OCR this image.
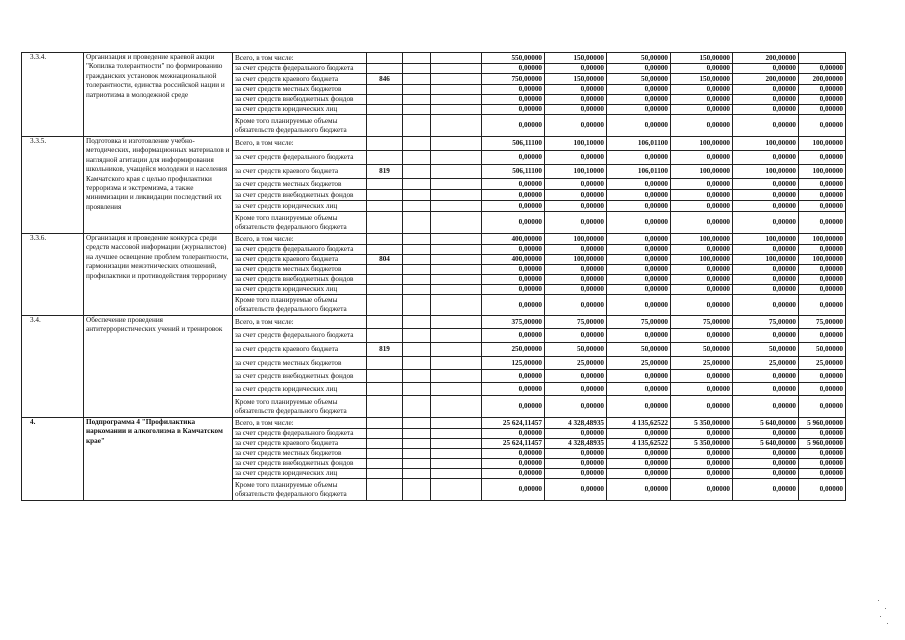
3.3.4.	Организация и проведение краевой акции "Копилка толерантности" по формированию гражданских установок межнациональной толерантности, единства российской нации и патриотизма в молодежной среде	Всего, в том числе:				550,00000	150,00000	50,00000	150,00000	200,00000	
		за счет средств федерального бюджета				0,00000	0,00000	0,00000	0,00000	0,00000	0,00000
		за счет средств краевого бюджета	846			750,00000	150,00000	50,00000	150,00000	200,00000	200,00000
		за счет средств местных бюджетов				0,00000	0,00000	0,00000	0,00000	0,00000	0,00000
		за счет средств внебюджетных фондов				0,00000	0,00000	0,00000	0,00000	0,00000	0,00000
		за счет средств юридических лиц				0,00000	0,00000	0,00000	0,00000	0,00000	0,00000
		Кроме того планируемые объемы обязательств федерального бюджета				0,00000	0,00000	0,00000	0,00000	0,00000	0,00000
3.3.5.	Подготовка и изготовление учебно-методических, информационных материалов и наглядной агитации для информирования школьников, учащейся молодежи и населения Камчатского края с целью профилактики терроризма и экстремизма, а также минимизации и ликвидации последствий их проявления	Всего, в том числе:				506,11100	100,10000	106,01100	100,00000	100,00000	100,00000
		за счет средств федерального бюджета				0,00000	0,00000	0,00000	0,00000	0,00000	0,00000
		за счет средств краевого бюджета	819			506,11100	100,10000	106,01100	100,00000	100,00000	100,00000
		за счет средств местных бюджетов				0,00000	0,00000	0,00000	0,00000	0,00000	0,00000
		за счет средств внебюджетных фондов				0,00000	0,00000	0,00000	0,00000	0,00000	0,00000
		за счет средств юридических лиц				0,00000	0,00000	0,00000	0,00000	0,00000	0,00000
		Кроме того планируемые объемы обязательств федерального бюджета				0,00000	0,00000	0,00000	0,00000	0,00000	0,00000
3.3.6.	Организация и проведение конкурса среди средств массовой информации (журналистов) на лучшее освещение проблем толерантности, гармонизации межэтнических отношений, профилактики и противодействия терроризму	Всего, в том числе:				400,00000	100,00000	0,00000	100,00000	100,00000	100,00000
		за счет средств федерального бюджета				0,00000	0,00000	0,00000	0,00000	0,00000	0,00000
		за счет средств краевого бюджета	804			400,00000	100,00000	0,00000	100,00000	100,00000	100,00000
		за счет средств местных бюджетов				0,00000	0,00000	0,00000	0,00000	0,00000	0,00000
		за счет средств внебюджетных фондов				0,00000	0,00000	0,00000	0,00000	0,00000	0,00000
		за счет средств юридических лиц				0,00000	0,00000	0,00000	0,00000	0,00000	0,00000
		Кроме того планируемые объемы обязательств федерального бюджета				0,00000	0,00000	0,00000	0,00000	0,00000	0,00000
3.4.	Обеспечение проведения антитеррористических учений и тренировок	Всего, в том числе:				375,00000	75,00000	75,00000	75,00000	75,00000	75,00000
		за счет средств федерального бюджета				0,00000	0,00000	0,00000	0,00000	0,00000	0,00000
		за счет средств краевого бюджета	819			250,00000	50,00000	50,00000	50,00000	50,00000	50,00000
		за счет средств местных бюджетов				125,00000	25,00000	25,00000	25,00000	25,00000	25,00000
		за счет средств внебюджетных фондов				0,00000	0,00000	0,00000	0,00000	0,00000	0,00000
		за счет средств юридических лиц				0,00000	0,00000	0,00000	0,00000	0,00000	0,00000
		Кроме того планируемые объемы обязательств федерального бюджета				0,00000	0,00000	0,00000	0,00000	0,00000	0,00000
4.	Подпрограмма 4 "Профилактика наркомании и алкоголизма в Камчатском крае"	Всего, в том числе:				25 624,11457	4 328,48935	4 135,62522	5 350,00000	5 640,00000	5 960,00000
		за счет средств федерального бюджета				0,00000	0,00000	0,00000	0,00000	0,00000	0,00000
		за счет средств краевого бюджета				25 624,11457	4 328,48935	4 135,62522	5 350,00000	5 640,00000	5 960,00000
		за счет средств местных бюджетов				0,00000	0,00000	0,00000	0,00000	0,00000	0,00000
		за счет средств внебюджетных фондов				0,00000	0,00000	0,00000	0,00000	0,00000	0,00000
		за счет средств юридических лиц				0,00000	0,00000	0,00000	0,00000	0,00000	0,00000
		Кроме того планируемые объемы обязательств федерального бюджета				0,00000	0,00000	0,00000	0,00000	0,00000	0,00000
